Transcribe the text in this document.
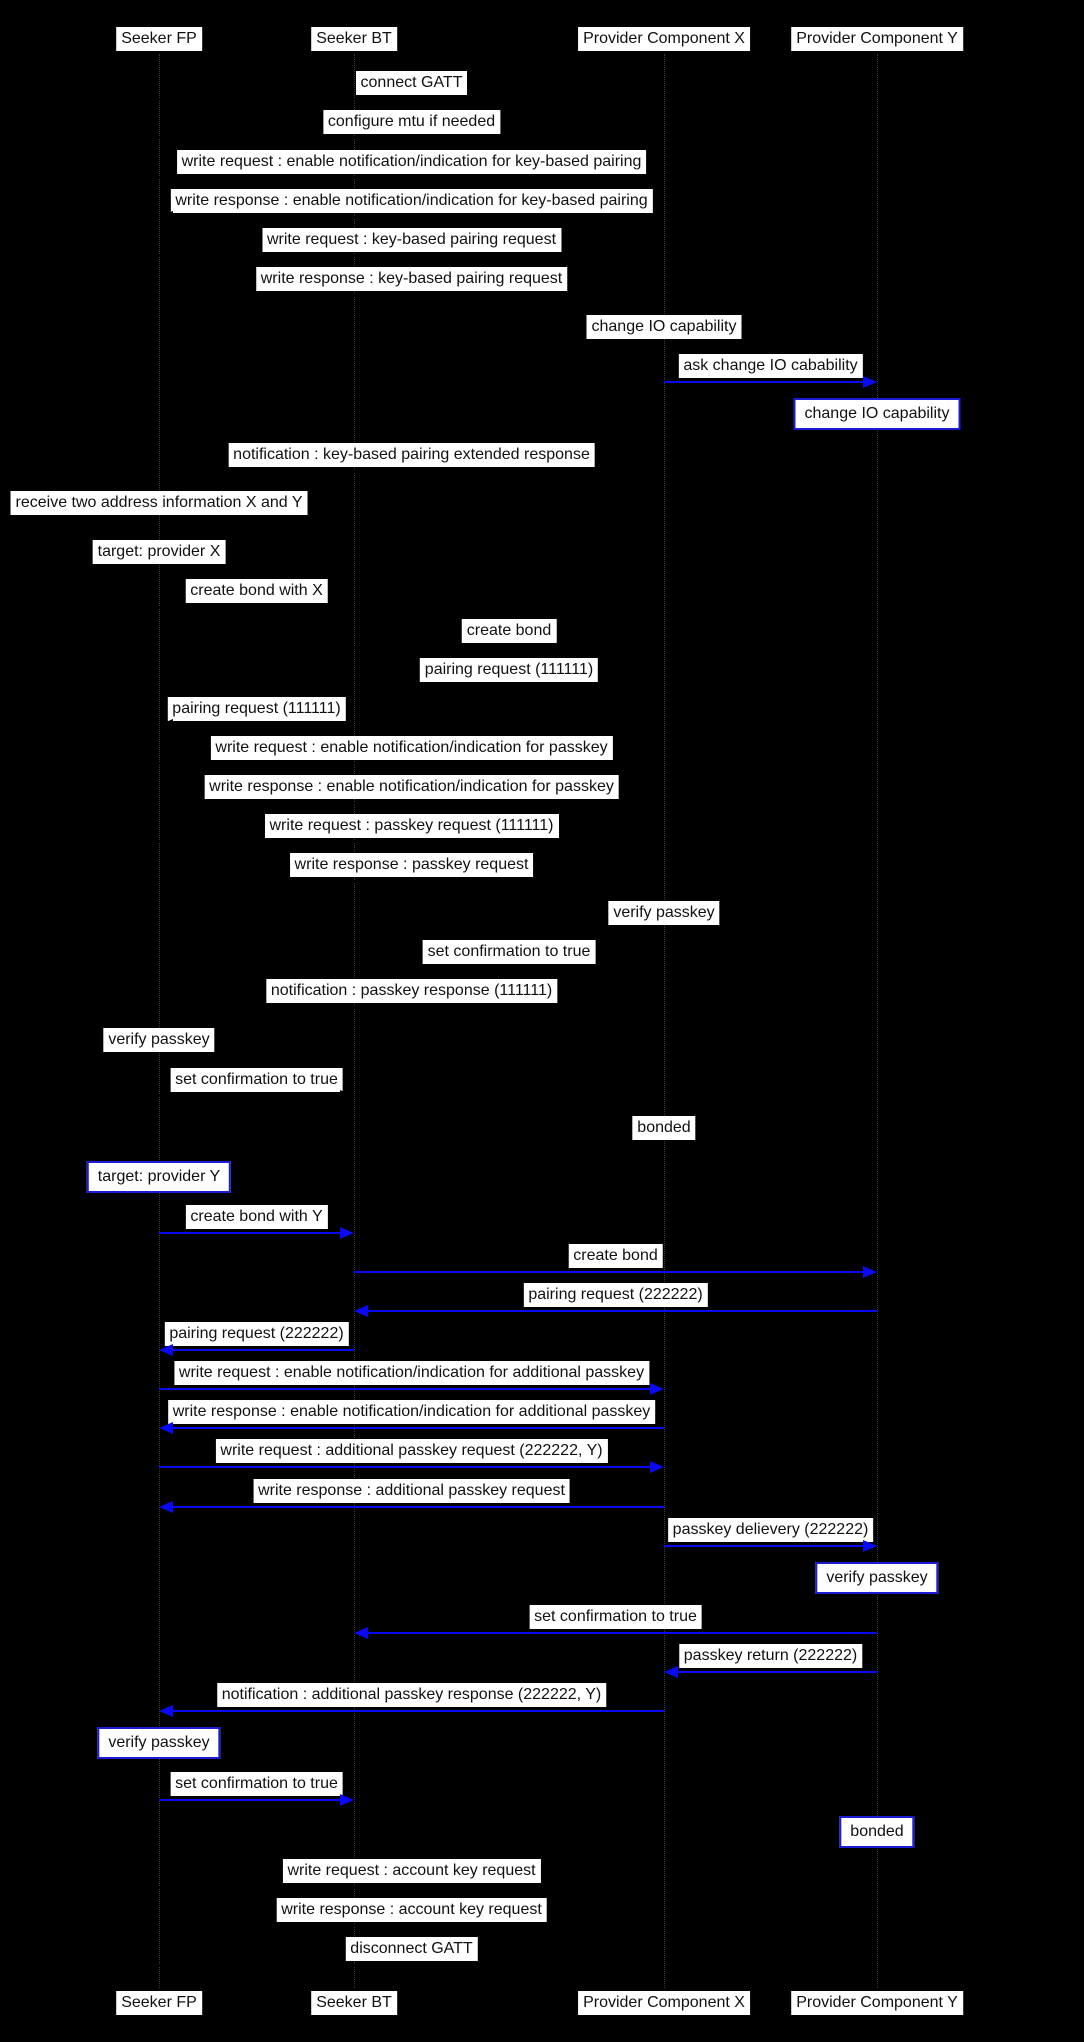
Seeker FP	Seeker BT	Provider Component X	Provider Component Y
Seeker FP	Seeker BT	Provider Component X	Provider Component Y
connect GATT
configure mtu if needed
write request : enable notification/indication for key-based pairing
write response : enable notification/indication for key-based pairing
write request : key-based pairing request
write response : key-based pairing request
change IO capability
ask change IO cabability
change IO capability
notification : key-based pairing extended response
receive two address information X and Y
target: provider X
create bond with X
create bond
pairing request (111111)
pairing request (111111)
write request : enable notification/indication for passkey
write response : enable notification/indication for passkey
write request : passkey request (111111)
write response : passkey request
verify passkey
set confirmation to true
notification : passkey response (111111)
verify passkey
set confirmation to true
bonded
target: provider Y
create bond with Y
create bond
pairing request (222222)
pairing request (222222)
write request : enable notification/indication for additional passkey
write response : enable notification/indication for additional passkey
write request : additional passkey request (222222, Y)
write response : additional passkey request
passkey delievery (222222)
verify passkey
set confirmation to true
passkey return (222222)
notification : additional passkey response (222222, Y)
verify passkey
set confirmation to true
bonded
write request : account key request
write response : account key request
disconnect GATT
